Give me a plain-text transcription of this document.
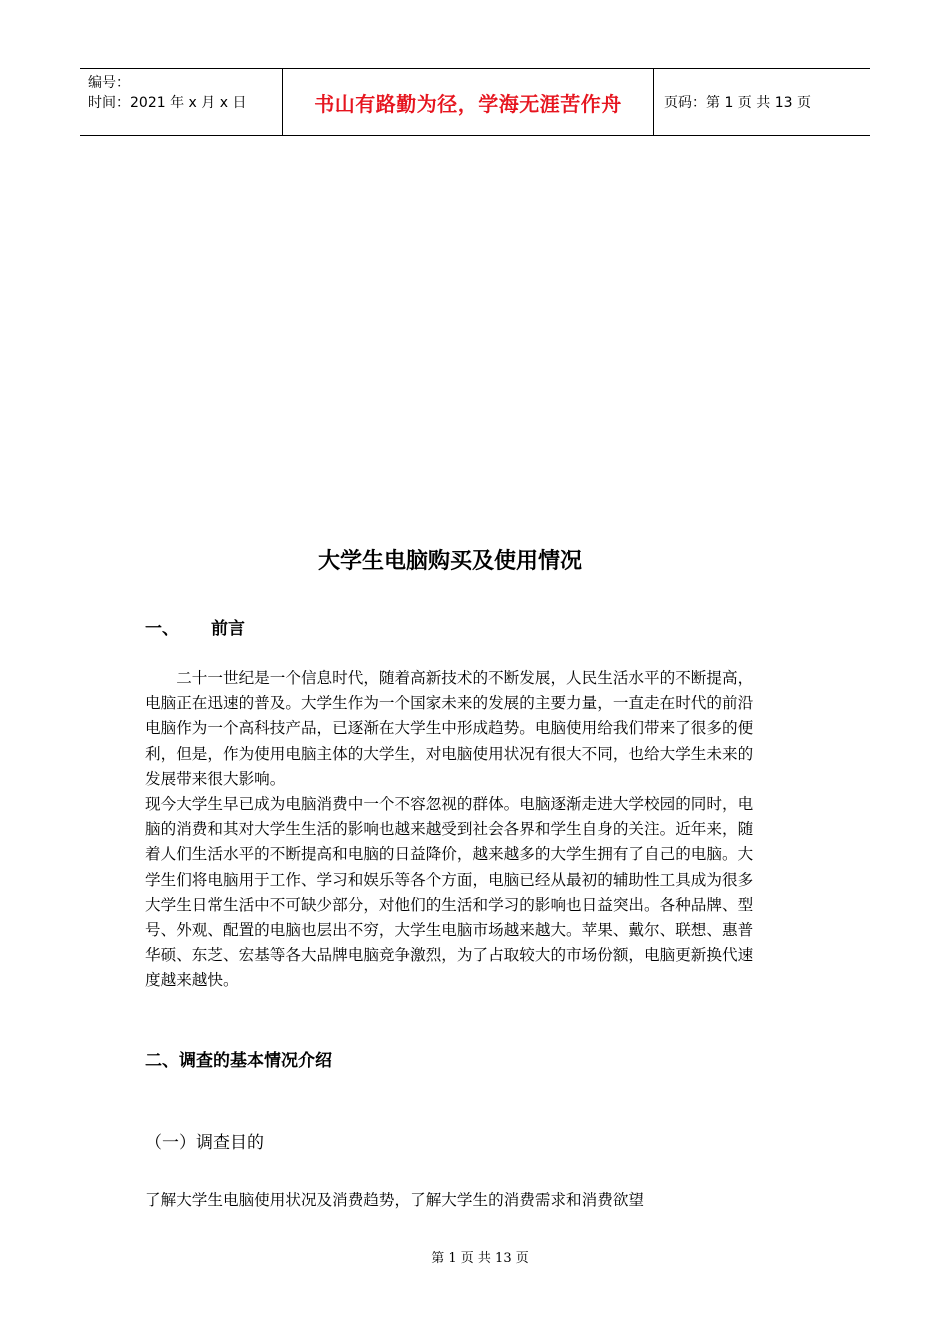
编号：
时间：2021 年 x 月 x 日	书山有路勤为径，学海无涯苦作舟	页码：第 1 页 共 13 页
大学生电脑购买及使用情况
一、 前言
　　二十一世纪是一个信息时代，随着高新技术的不断发展，人民生活水平的不断提高，
电脑正在迅速的普及。大学生作为一个国家未来的发展的主要力量，一直走在时代的前沿
电脑作为一个高科技产品，已逐渐在大学生中形成趋势。电脑使用给我们带来了很多的便
利，但是，作为使用电脑主体的大学生，对电脑使用状况有很大不同，也给大学生未来的
发展带来很大影响。
现今大学生早已成为电脑消费中一个不容忽视的群体。电脑逐渐走进大学校园的同时，电
脑的消费和其对大学生生活的影响也越来越受到社会各界和学生自身的关注。近年来，随
着人们生活水平的不断提高和电脑的日益降价，越来越多的大学生拥有了自己的电脑。大
学生们将电脑用于工作、学习和娱乐等各个方面，电脑已经从最初的辅助性工具成为很多
大学生日常生活中不可缺少部分，对他们的生活和学习的影响也日益突出。各种品牌、型
号、外观、配置的电脑也层出不穷，大学生电脑市场越来越大。苹果、戴尔、联想、惠普
华硕、东芝、宏基等各大品牌电脑竞争激烈，为了占取较大的市场份额，电脑更新换代速
度越来越快。
二、调查的基本情况介绍
（一）调查目的
了解大学生电脑使用状况及消费趋势，了解大学生的消费需求和消费欲望
第 1 页 共 13 页
